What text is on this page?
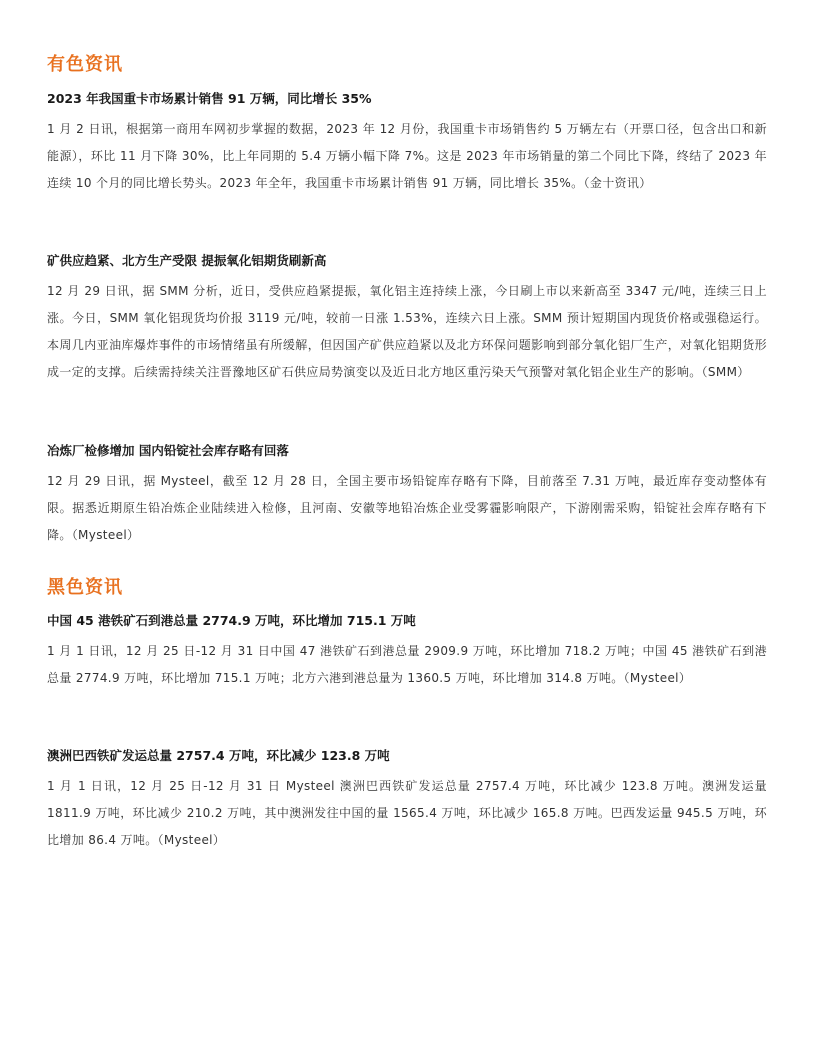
有色资讯
2023 年我国重卡市场累计销售 91 万辆，同比增长 35%

1 月 2 日讯，根据第一商用车网初步掌握的数据，2023 年 12 月份，我国重卡市场销售约 5 万辆左右（开票口径，包含出口和新能源），环比 11 月下降 30%，比上年同期的 5.4 万辆小幅下降 7%。这是 2023 年市场销量的第二个同比下降，终结了 2023 年连续 10 个月的同比增长势头。2023 年全年，我国重卡市场累计销售 91 万辆，同比增长 35%。（金十资讯）

矿供应趋紧、北方生产受限 提振氧化铝期货刷新高

12 月 29 日讯，据 SMM 分析，近日，受供应趋紧提振，氧化铝主连持续上涨，今日刷上市以来新高至 3347 元/吨，连续三日上涨。今日，SMM 氧化铝现货均价报 3119 元/吨，较前一日涨 1.53%，连续六日上涨。SMM 预计短期国内现货价格或强稳运行。本周几内亚油库爆炸事件的市场情绪虽有所缓解，但因国产矿供应趋紧以及北方环保问题影响到部分氧化铝厂生产，对氧化铝期货形成一定的支撑。后续需持续关注晋豫地区矿石供应局势演变以及近日北方地区重污染天气预警对氧化铝企业生产的影响。（SMM）

冶炼厂检修增加 国内铅锭社会库存略有回落

12 月 29 日讯，据 Mysteel，截至 12 月 28 日，全国主要市场铅锭库存略有下降，目前落至 7.31 万吨，最近库存变动整体有限。据悉近期原生铅冶炼企业陆续进入检修，且河南、安徽等地铅冶炼企业受雾霾影响限产，下游刚需采购，铅锭社会库存略有下降。（Mysteel）

黑色资讯
中国 45 港铁矿石到港总量 2774.9 万吨，环比增加 715.1 万吨

1 月 1 日讯，12 月 25 日-12 月 31 日中国 47 港铁矿石到港总量 2909.9 万吨，环比增加 718.2 万吨；中国 45 港铁矿石到港总量 2774.9 万吨，环比增加 715.1 万吨；北方六港到港总量为 1360.5 万吨，环比增加 314.8 万吨。（Mysteel）

澳洲巴西铁矿发运总量 2757.4 万吨，环比减少 123.8 万吨

1 月 1 日讯，12 月 25 日-12 月 31 日 Mysteel 澳洲巴西铁矿发运总量 2757.4 万吨，环比减少 123.8 万吨。澳洲发运量 1811.9 万吨，环比减少 210.2 万吨，其中澳洲发往中国的量 1565.4 万吨，环比减少 165.8 万吨。巴西发运量 945.5 万吨，环比增加 86.4 万吨。（Mysteel）
